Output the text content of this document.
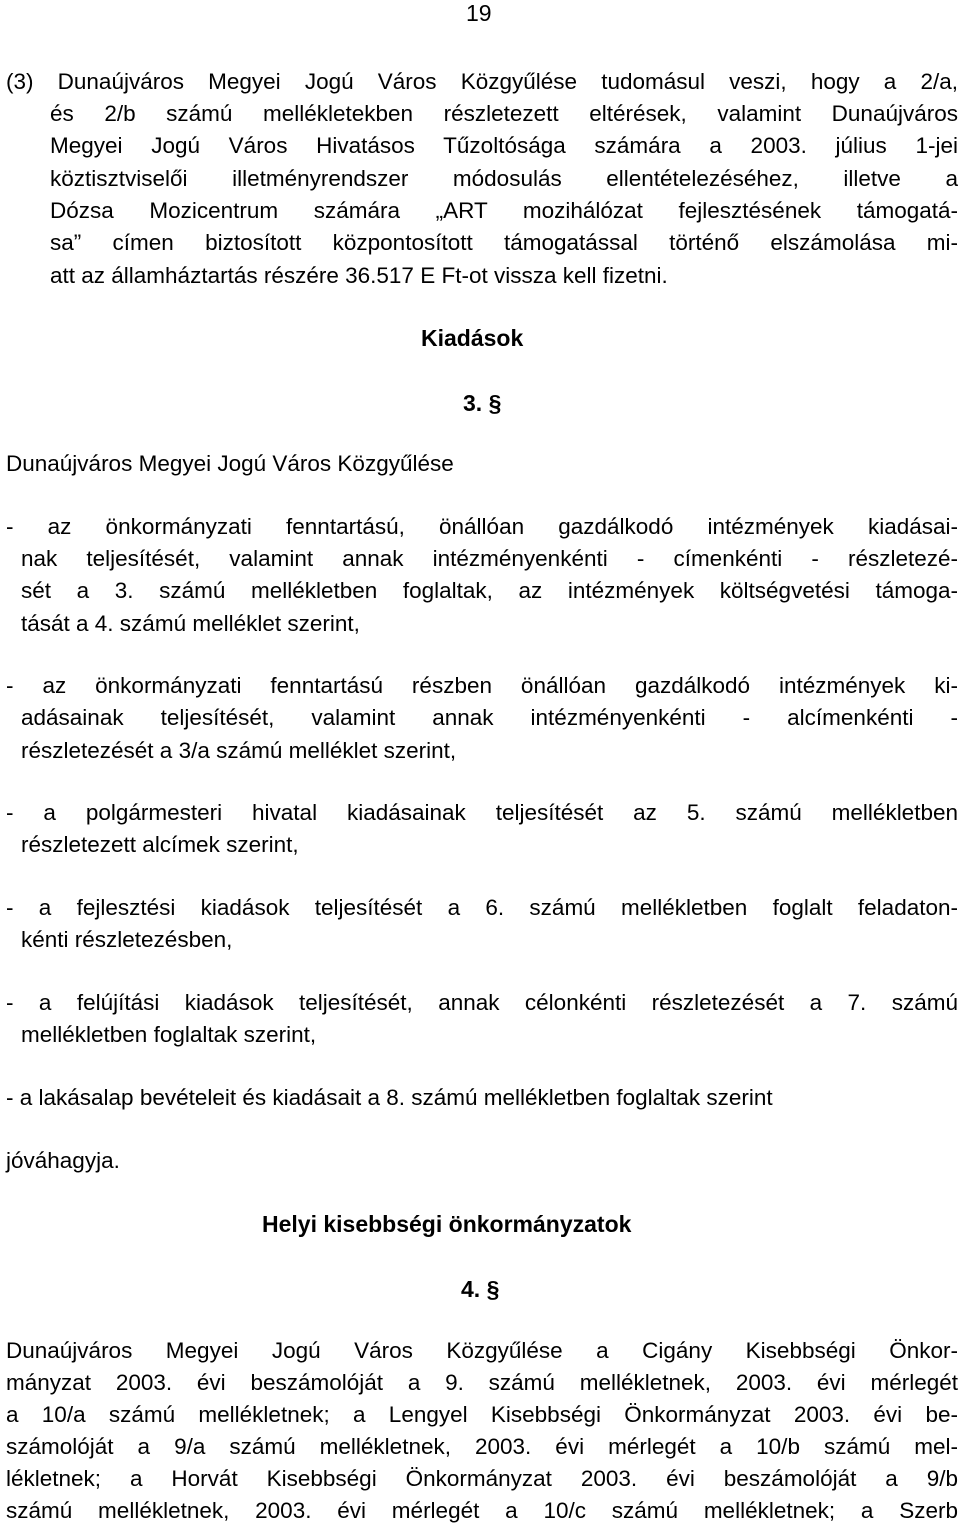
19
(3) Dunaújváros Megyei Jogú Város Közgyűlése tudomásul veszi, hogy a 2/a,
és 2/b számú mellékletekben részletezett eltérések, valamint Dunaújváros
Megyei Jogú Város Hivatásos Tűzoltósága számára a 2003. július 1-jei
köztisztviselői illetményrendszer módosulás ellentételezéséhez, illetve a
Dózsa Mozicentrum számára „ART mozihálózat fejlesztésének támogatá-
sa” címen biztosított központosított támogatással történő elszámolása mi-
att az államháztartás részére 36.517 E Ft-ot vissza kell fizetni.
Kiadások
3. §
Dunaújváros Megyei Jogú Város Közgyűlése
- az önkormányzati fenntartású, önállóan gazdálkodó intézmények kiadásai-
nak teljesítését, valamint annak intézményenkénti - címenkénti - részletezé-
sét a 3. számú mellékletben foglaltak, az intézmények költségvetési támoga-
tását a 4. számú melléklet szerint,
- az önkormányzati fenntartású részben önállóan gazdálkodó intézmények ki-
adásainak teljesítését, valamint annak intézményenkénti - alcímenkénti -
részletezését a 3/a számú melléklet szerint,
- a polgármesteri hivatal kiadásainak teljesítését az 5. számú mellékletben
részletezett alcímek szerint,
- a fejlesztési kiadások teljesítését a 6. számú mellékletben foglalt feladaton-
kénti részletezésben,
- a felújítási kiadások teljesítését, annak célonkénti részletezését a 7. számú
mellékletben foglaltak szerint,
- a lakásalap bevételeit és kiadásait a 8. számú mellékletben foglaltak szerint
jóváhagyja.
Helyi kisebbségi önkormányzatok
4. §
Dunaújváros Megyei Jogú Város Közgyűlése a Cigány Kisebbségi Önkor-
mányzat 2003. évi beszámolóját a 9. számú mellékletnek, 2003. évi mérlegét
a 10/a számú mellékletnek; a Lengyel Kisebbségi Önkormányzat 2003. évi be-
számolóját a 9/a számú mellékletnek, 2003. évi mérlegét a 10/b számú mel-
lékletnek; a Horvát Kisebbségi Önkormányzat 2003. évi beszámolóját a 9/b
számú mellékletnek, 2003. évi mérlegét a 10/c számú mellékletnek; a Szerb
